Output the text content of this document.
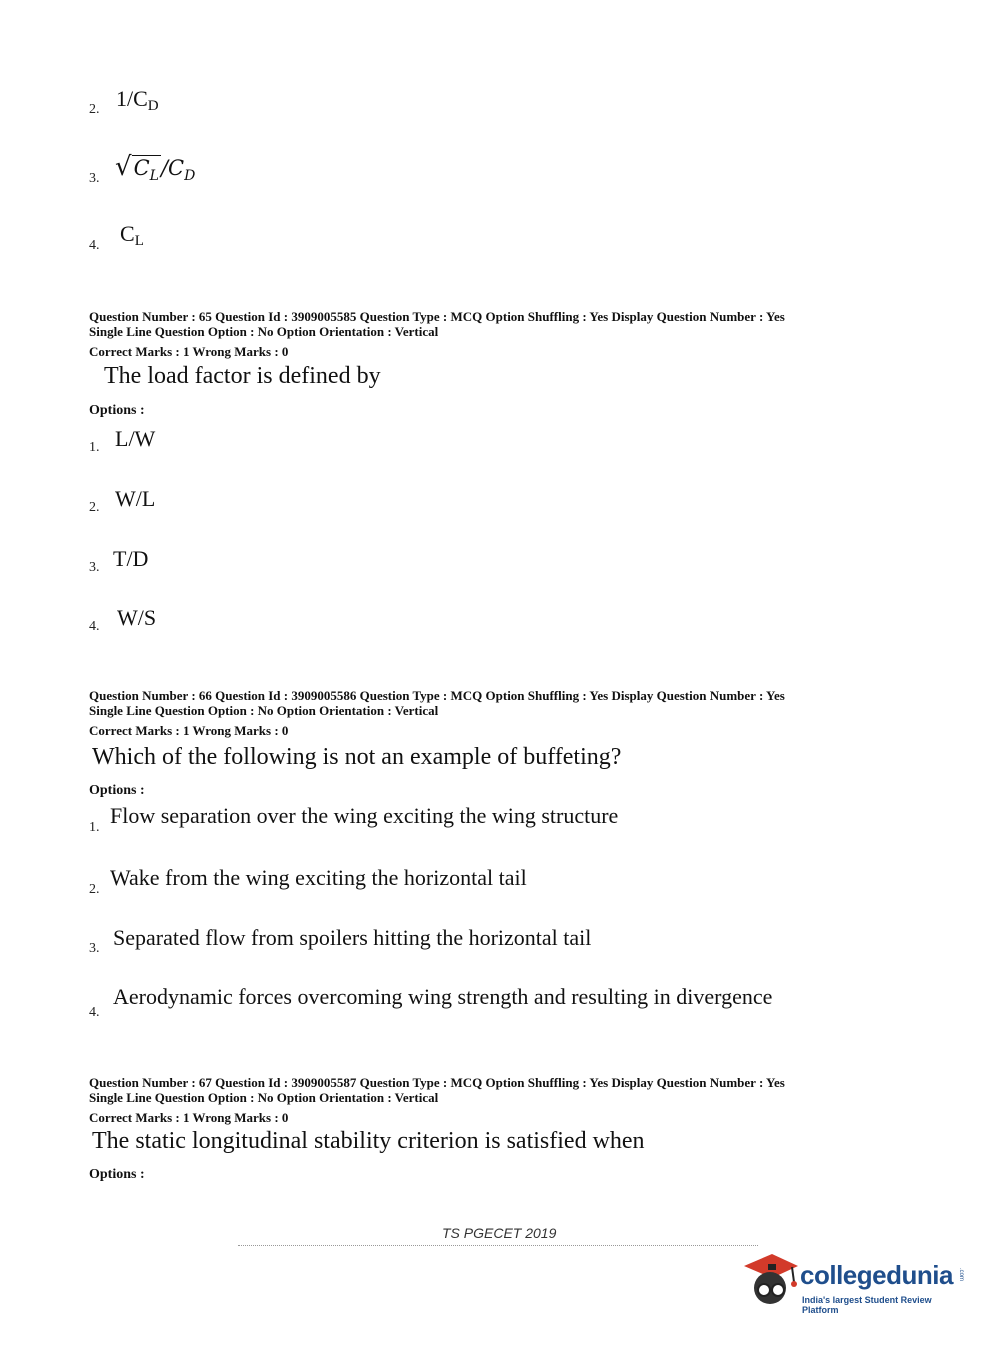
2. $1/C_D$
3. $√C_L/C_D$
4. $C_L$
Question Number : 65 Question Id : 3909005585 Question Type : MCQ Option Shuffling : Yes Display Question Number : Yes
Single Line Question Option : No Option Orientation : Vertical
Correct Marks : 1 Wrong Marks : 0
The load factor is defined by
Options :
1. L/W
2. W/L
3. T/D
4. W/S
Question Number : 66 Question Id : 3909005586 Question Type : MCQ Option Shuffling : Yes Display Question Number : Yes
Single Line Question Option : No Option Orientation : Vertical
Correct Marks : 1 Wrong Marks : 0
Which of the following is not an example of buffeting?
Options :
1. Flow separation over the wing exciting the wing structure
2. Wake from the wing exciting the horizontal tail
3. Separated flow from spoilers hitting the horizontal tail
4.
Aerodynamic forces overcoming wing strength and resulting in divergence
Question Number : 67 Question Id : 3909005587 Question Type : MCQ Option Shuffling : Yes Display Question Number : Yes
Single Line Question Option : No Option Orientation : Vertical
Correct Marks : 1 Wrong Marks : 0
The static longitudinal stability criterion is satisfied when
Options :
TS PGECET 2019
collegedunia .com
India's largest Student Review Platform
